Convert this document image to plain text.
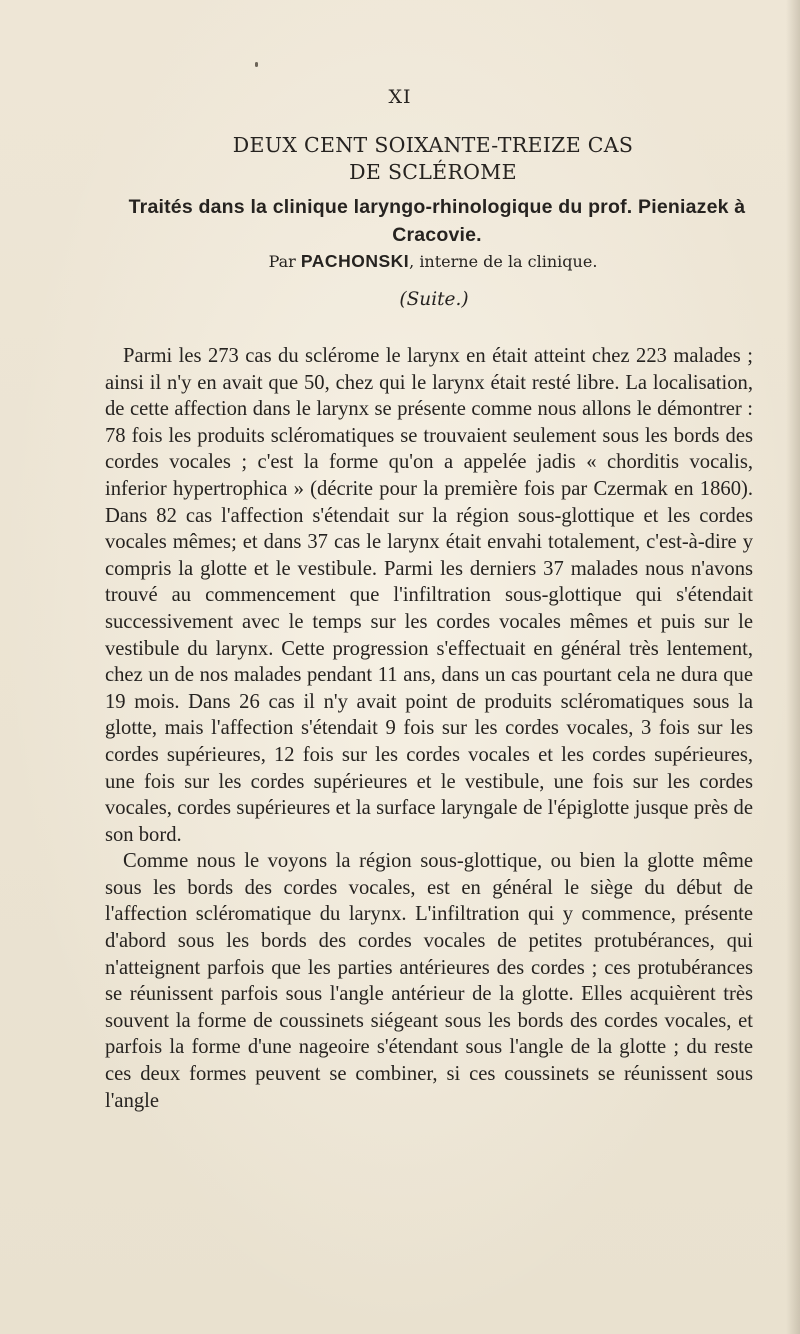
XI
DEUX CENT SOIXANTE-TREIZE CAS
DE SCLÉROME
Traités dans la clinique laryngo-rhinologique du prof. Pieniazek à Cracovie.
Par PACHONSKI, interne de la clinique.
(Suite.)

Parmi les 273 cas du sclérome le larynx en était atteint chez 223 malades ; ainsi il n'y en avait que 50, chez qui le larynx était resté libre. La localisation, de cette affection dans le larynx se présente comme nous allons le démontrer : 78 fois les produits scléromatiques se trouvaient seulement sous les bords des cordes vocales ; c'est la forme qu'on a appelée jadis « chorditis vocalis, inferior hypertrophica » (décrite pour la première fois par Czermak en 1860). Dans 82 cas l'affection s'étendait sur la région sous-glottique et les cordes vocales mêmes; et dans 37 cas le larynx était envahi totalement, c'est-à-dire y compris la glotte et le vestibule. Parmi les derniers 37 malades nous n'avons trouvé au commencement que l'infiltration sous-glottique qui s'étendait successivement avec le temps sur les cordes vocales mêmes et puis sur le vestibule du larynx. Cette progression s'effectuait en général très lentement, chez un de nos malades pendant 11 ans, dans un cas pourtant cela ne dura que 19 mois. Dans 26 cas il n'y avait point de produits scléromatiques sous la glotte, mais l'affection s'étendait 9 fois sur les cordes vocales, 3 fois sur les cordes supérieures, 12 fois sur les cordes vocales et les cordes supérieures, une fois sur les cordes supérieures et le vestibule, une fois sur les cordes vocales, cordes supérieures et la surface laryngale de l'épiglotte jusque près de son bord.

Comme nous le voyons la région sous-glottique, ou bien la glotte même sous les bords des cordes vocales, est en général le siège du début de l'affection scléromatique du larynx. L'infiltration qui y commence, présente d'abord sous les bords des cordes vocales de petites protubérances, qui n'atteignent parfois que les parties antérieures des cordes ; ces protubérances se réunissent parfois sous l'angle antérieur de la glotte. Elles acquièrent très souvent la forme de coussinets siégeant sous les bords des cordes vocales, et parfois la forme d'une nageoire s'étendant sous l'angle de la glotte ; du reste ces deux formes peuvent se combiner, si ces coussinets se réunissent sous l'angle
